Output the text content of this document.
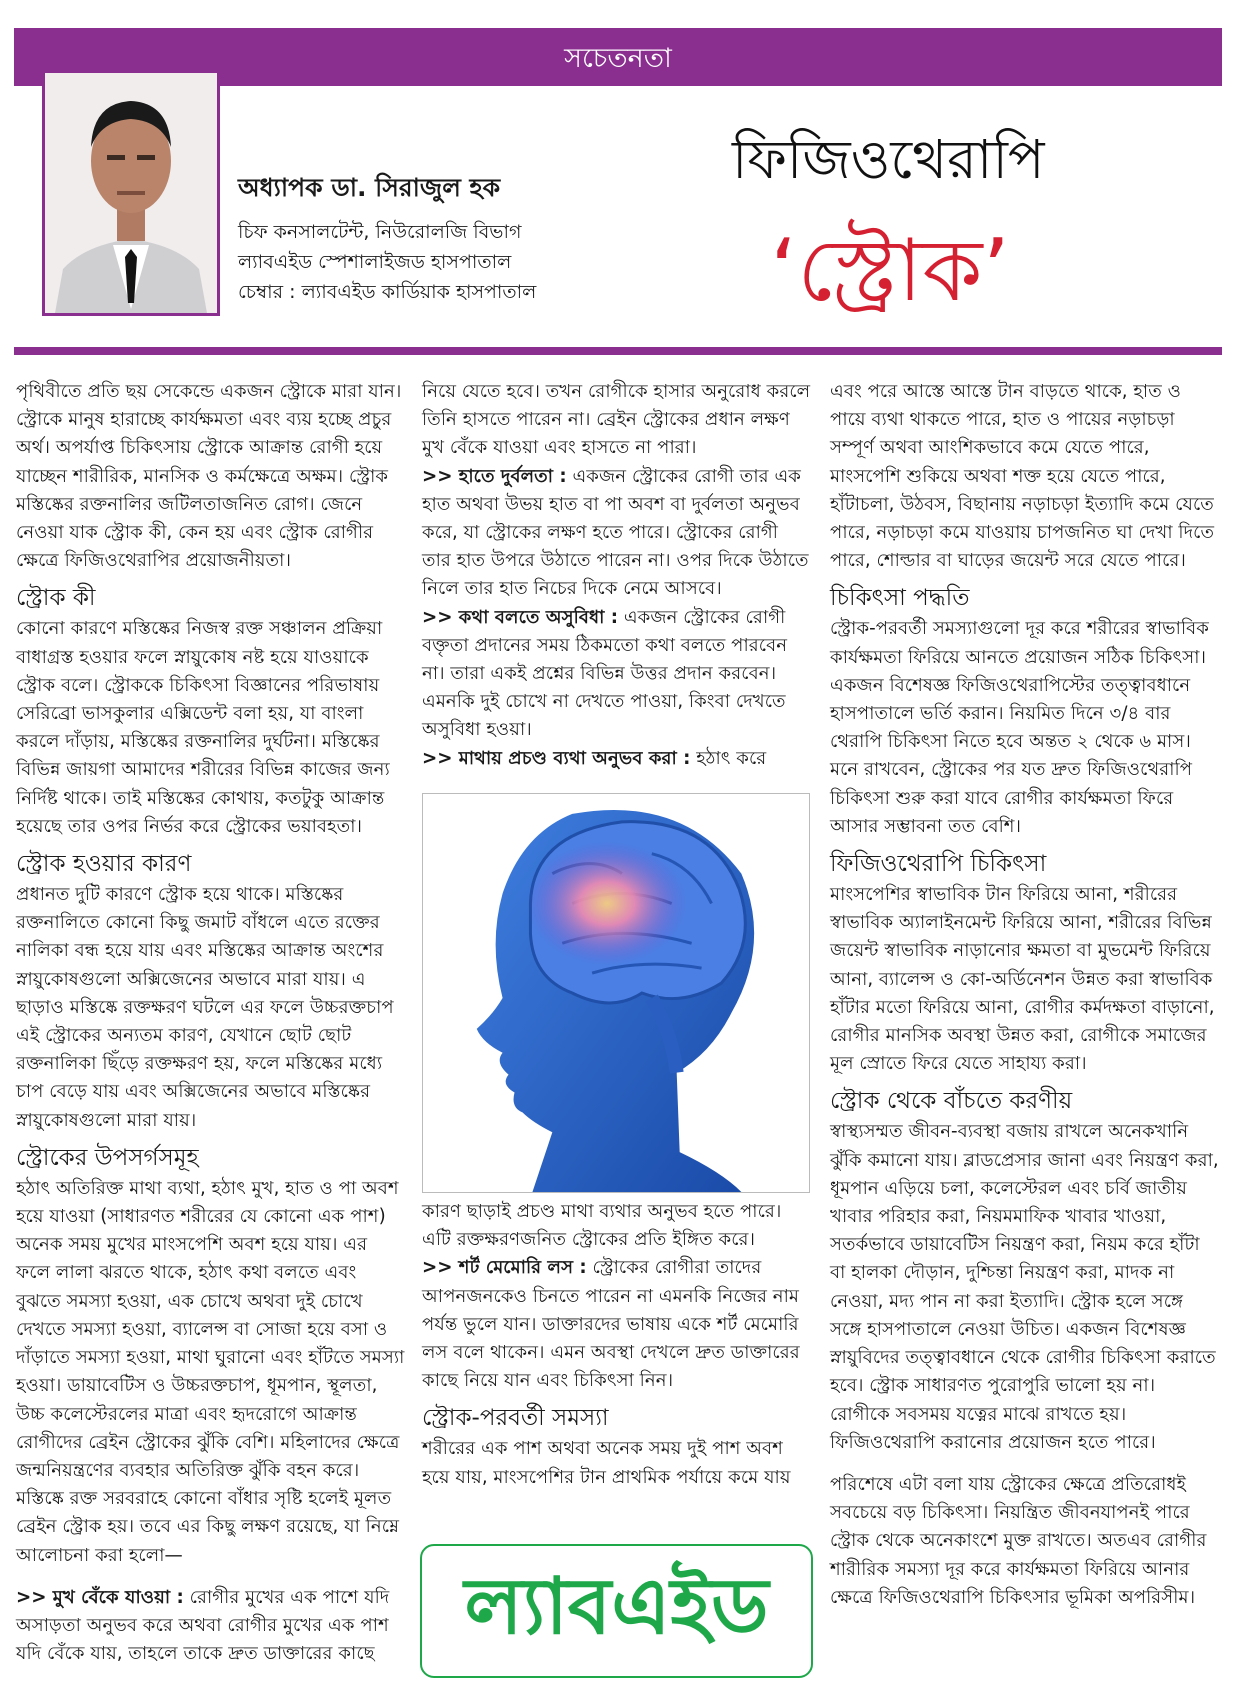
সচেতনতা
অধ্যাপক ডা. সিরাজুল হক
চিফ কনসালটেন্ট, নিউরোলজি বিভাগ
ল্যাবএইড স্পেশালাইজড হাসপাতাল
চেম্বার : ল্যাবএইড কার্ডিয়াক হাসপাতাল
ফিজিওথেরাপি
‘স্ট্রোক’

পৃথিবীতে প্রতি ছয় সেকেন্ডে একজন স্ট্রোকে মারা যান। স্ট্রোকে মানুষ হারাচ্ছে কার্যক্ষমতা এবং ব্যয় হচ্ছে প্রচুর অর্থ। অপর্যাপ্ত চিকিৎসায় স্ট্রোকে আক্রান্ত রোগী হয়ে যাচ্ছেন শারীরিক, মানসিক ও কর্মক্ষেত্রে অক্ষম। স্ট্রোক মস্তিষ্কের রক্তনালির জটিলতাজনিত রোগ। জেনে নেওয়া যাক স্ট্রোক কী, কেন হয় এবং স্ট্রোক রোগীর ক্ষেত্রে ফিজিওথেরাপির প্রয়োজনীয়তা।

স্ট্রোক কী

কোনো কারণে মস্তিষ্কের নিজস্ব রক্ত সঞ্চালন প্রক্রিয়া বাধাগ্রস্ত হওয়ার ফলে স্নায়ুকোষ নষ্ট হয়ে যাওয়াকে স্ট্রোক বলে। স্ট্রোককে চিকিৎসা বিজ্ঞানের পরিভাষায় সেরিব্রো ভাসকুলার এক্সিডেন্ট বলা হয়, যা বাংলা করলে দাঁড়ায়, মস্তিষ্কের রক্তনালির দুর্ঘটনা। মস্তিষ্কের বিভিন্ন জায়গা আমাদের শরীরের বিভিন্ন কাজের জন্য নির্দিষ্ট থাকে। তাই মস্তিষ্কের কোথায়, কতটুকু আক্রান্ত হয়েছে তার ওপর নির্ভর করে স্ট্রোকের ভয়াবহতা।

স্ট্রোক হওয়ার কারণ

প্রধানত দুটি কারণে স্ট্রোক হয়ে থাকে। মস্তিষ্কের রক্তনালিতে কোনো কিছু জমাট বাঁধলে এতে রক্তের নালিকা বন্ধ হয়ে যায় এবং মস্তিষ্কের আক্রান্ত অংশের স্নায়ুকোষগুলো অক্সিজেনের অভাবে মারা যায়। এ ছাড়াও মস্তিষ্কে রক্তক্ষরণ ঘটলে এর ফলে উচ্চরক্তচাপ এই স্ট্রোকের অন্যতম কারণ, যেখানে ছোট ছোট রক্তনালিকা ছিঁড়ে রক্তক্ষরণ হয়, ফলে মস্তিষ্কের মধ্যে চাপ বেড়ে যায় এবং অক্সিজেনের অভাবে মস্তিষ্কের স্নায়ুকোষগুলো মারা যায়।

স্ট্রোকের উপসর্গসমূহ

হঠাৎ অতিরিক্ত মাথা ব্যথা, হঠাৎ মুখ, হাত ও পা অবশ হয়ে যাওয়া (সাধারণত শরীরের যে কোনো এক পাশ) অনেক সময় মুখের মাংসপেশি অবশ হয়ে যায়। এর ফলে লালা ঝরতে থাকে, হঠাৎ কথা বলতে এবং বুঝতে সমস্যা হওয়া, এক চোখে অথবা দুই চোখে দেখতে সমস্যা হওয়া, ব্যালেন্স বা সোজা হয়ে বসা ও দাঁড়াতে সমস্যা হওয়া, মাথা ঘুরানো এবং হাঁটতে সমস্যা হওয়া। ডায়াবেটিস ও উচ্চরক্তচাপ, ধূমপান, স্থূলতা, উচ্চ কলেস্টেরলের মাত্রা এবং হৃদরোগে আক্রান্ত রোগীদের ব্রেইন স্ট্রোকের ঝুঁকি বেশি। মহিলাদের ক্ষেত্রে জন্মনিয়ন্ত্রণের ব্যবহার অতিরিক্ত ঝুঁকি বহন করে। মস্তিষ্কে রক্ত সরবরাহে কোনো বাঁধার সৃষ্টি হলেই মূলত ব্রেইন স্ট্রোক হয়। তবে এর কিছু লক্ষণ রয়েছে, যা নিম্নে আলোচনা করা হলো—

>> মুখ বেঁকে যাওয়া : রোগীর মুখের এক পাশে যদি অসাড়তা অনুভব করে অথবা রোগীর মুখের এক পাশ যদি বেঁকে যায়, তাহলে তাকে দ্রুত ডাক্তারের কাছে

নিয়ে যেতে হবে। তখন রোগীকে হাসার অনুরোধ করলে তিনি হাসতে পারেন না। ব্রেইন স্ট্রোকের প্রধান লক্ষণ মুখ বেঁকে যাওয়া এবং হাসতে না পারা।

>> হাতে দুর্বলতা : একজন স্ট্রোকের রোগী তার এক হাত অথবা উভয় হাত বা পা অবশ বা দুর্বলতা অনুভব করে, যা স্ট্রোকের লক্ষণ হতে পারে। স্ট্রোকের রোগী তার হাত উপরে উঠাতে পারেন না। ওপর দিকে উঠাতে নিলে তার হাত নিচের দিকে নেমে আসবে।

>> কথা বলতে অসুবিধা : একজন স্ট্রোকের রোগী বক্তৃতা প্রদানের সময় ঠিকমতো কথা বলতে পারবেন না। তারা একই প্রশ্নের বিভিন্ন উত্তর প্রদান করবেন। এমনকি দুই চোখে না দেখতে পাওয়া, কিংবা দেখতে অসুবিধা হওয়া।

>> মাথায় প্রচণ্ড ব্যথা অনুভব করা : হঠাৎ করে

কারণ ছাড়াই প্রচণ্ড মাথা ব্যথার অনুভব হতে পারে। এটি রক্তক্ষরণজনিত স্ট্রোকের প্রতি ইঙ্গিত করে।

>> শর্ট মেমোরি লস : স্ট্রোকের রোগীরা তাদের আপনজনকেও চিনতে পারেন না এমনকি নিজের নাম পর্যন্ত ভুলে যান। ডাক্তারদের ভাষায় একে শর্ট মেমোরি লস বলে থাকেন। এমন অবস্থা দেখলে দ্রুত ডাক্তারের কাছে নিয়ে যান এবং চিকিৎসা নিন।

স্ট্রোক-পরবর্তী সমস্যা

শরীরের এক পাশ অথবা অনেক সময় দুই পাশ অবশ হয়ে যায়, মাংসপেশির টান প্রাথমিক পর্যায়ে কমে যায়

ল্যাবএইড

এবং পরে আস্তে আস্তে টান বাড়তে থাকে, হাত ও পায়ে ব্যথা থাকতে পারে, হাত ও পায়ের নড়াচড়া সম্পূর্ণ অথবা আংশিকভাবে কমে যেতে পারে, মাংসপেশি শুকিয়ে অথবা শক্ত হয়ে যেতে পারে, হাঁটাচলা, উঠবস, বিছানায় নড়াচড়া ইত্যাদি কমে যেতে পারে, নড়াচড়া কমে যাওয়ায় চাপজনিত ঘা দেখা দিতে পারে, শোল্ডার বা ঘাড়ের জয়েন্ট সরে যেতে পারে।

চিকিৎসা পদ্ধতি

স্ট্রোক-পরবর্তী সমস্যাগুলো দূর করে শরীরের স্বাভাবিক কার্যক্ষমতা ফিরিয়ে আনতে প্রয়োজন সঠিক চিকিৎসা। একজন বিশেষজ্ঞ ফিজিওথেরাপিস্টের তত্ত্বাবধানে হাসপাতালে ভর্তি করান। নিয়মিত দিনে ৩/৪ বার থেরাপি চিকিৎসা নিতে হবে অন্তত ২ থেকে ৬ মাস। মনে রাখবেন, স্ট্রোকের পর যত দ্রুত ফিজিওথেরাপি চিকিৎসা শুরু করা যাবে রোগীর কার্যক্ষমতা ফিরে আসার সম্ভাবনা তত বেশি।

ফিজিওথেরাপি চিকিৎসা

মাংসপেশির স্বাভাবিক টান ফিরিয়ে আনা, শরীরের স্বাভাবিক অ্যালাইনমেন্ট ফিরিয়ে আনা, শরীরের বিভিন্ন জয়েন্ট স্বাভাবিক নাড়ানোর ক্ষমতা বা মুভমেন্ট ফিরিয়ে আনা, ব্যালেন্স ও কো-অর্ডিনেশন উন্নত করা স্বাভাবিক হাঁটার মতো ফিরিয়ে আনা, রোগীর কর্মদক্ষতা বাড়ানো, রোগীর মানসিক অবস্থা উন্নত করা, রোগীকে সমাজের মূল স্রোতে ফিরে যেতে সাহায্য করা।

স্ট্রোক থেকে বাঁচতে করণীয়

স্বাস্থ্যসম্মত জীবন-ব্যবস্থা বজায় রাখলে অনেকখানি ঝুঁকি কমানো যায়। ব্লাডপ্রেসার জানা এবং নিয়ন্ত্রণ করা, ধূমপান এড়িয়ে চলা, কলেস্টেরল এবং চর্বি জাতীয় খাবার পরিহার করা, নিয়মমাফিক খাবার খাওয়া, সতর্কভাবে ডায়াবেটিস নিয়ন্ত্রণ করা, নিয়ম করে হাঁটা বা হালকা দৌড়ান, দুশ্চিন্তা নিয়ন্ত্রণ করা, মাদক না নেওয়া, মদ্য পান না করা ইত্যাদি। স্ট্রোক হলে সঙ্গে সঙ্গে হাসপাতালে নেওয়া উচিত। একজন বিশেষজ্ঞ স্নায়ুবিদের তত্ত্বাবধানে থেকে রোগীর চিকিৎসা করাতে হবে। স্ট্রোক সাধারণত পুরোপুরি ভালো হয় না। রোগীকে সবসময় যত্নের মাঝে রাখতে হয়। ফিজিওথেরাপি করানোর প্রয়োজন হতে পারে।

পরিশেষে এটা বলা যায় স্ট্রোকের ক্ষেত্রে প্রতিরোধই সবচেয়ে বড় চিকিৎসা। নিয়ন্ত্রিত জীবনযাপনই পারে স্ট্রোক থেকে অনেকাংশে মুক্ত রাখতে। অতএব রোগীর শারীরিক সমস্যা দূর করে কার্যক্ষমতা ফিরিয়ে আনার ক্ষেত্রে ফিজিওথেরাপি চিকিৎসার ভূমিকা অপরিসীম।
